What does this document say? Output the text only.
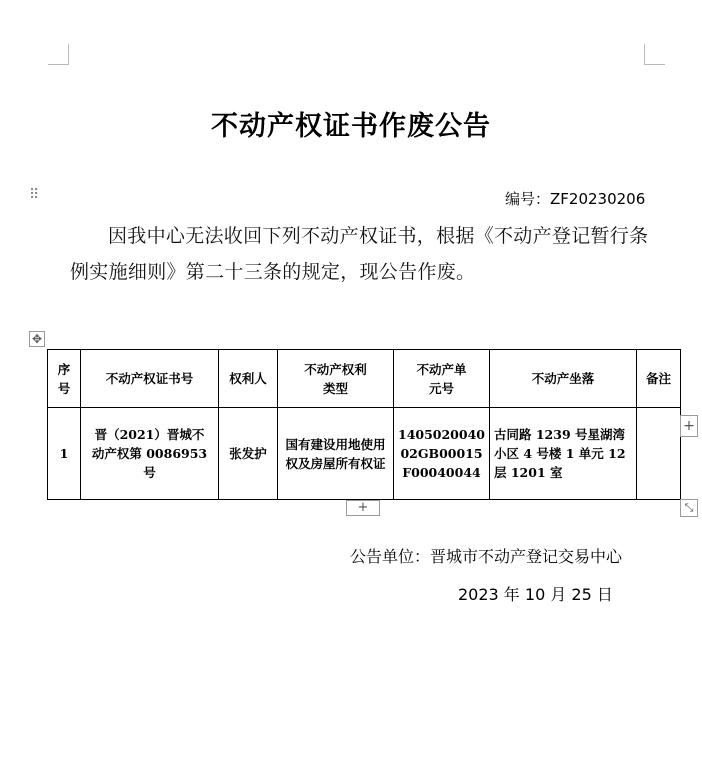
不动产权证书作废公告
⠿	编号：ZF20230206
因我中心无法收回下列不动产权证书，根据《不动产登记暂行条例实施细则》第二十三条的规定，现公告作废。
✥
序号	不动产权证书号	权利人	不动产权利类型	不动产单元号	不动产坐落	备注
1	晋（2021）晋城不动产权第 0086953 号	张发护	国有建设用地使用权及房屋所有权证	140502004002GB00015F00040044	古同路 1239 号星湖湾小区 4 号楼 1 单元 12 层 1201 室	
+
+	⤡
公告单位：晋城市不动产登记交易中心
2023 年 10 月 25 日
